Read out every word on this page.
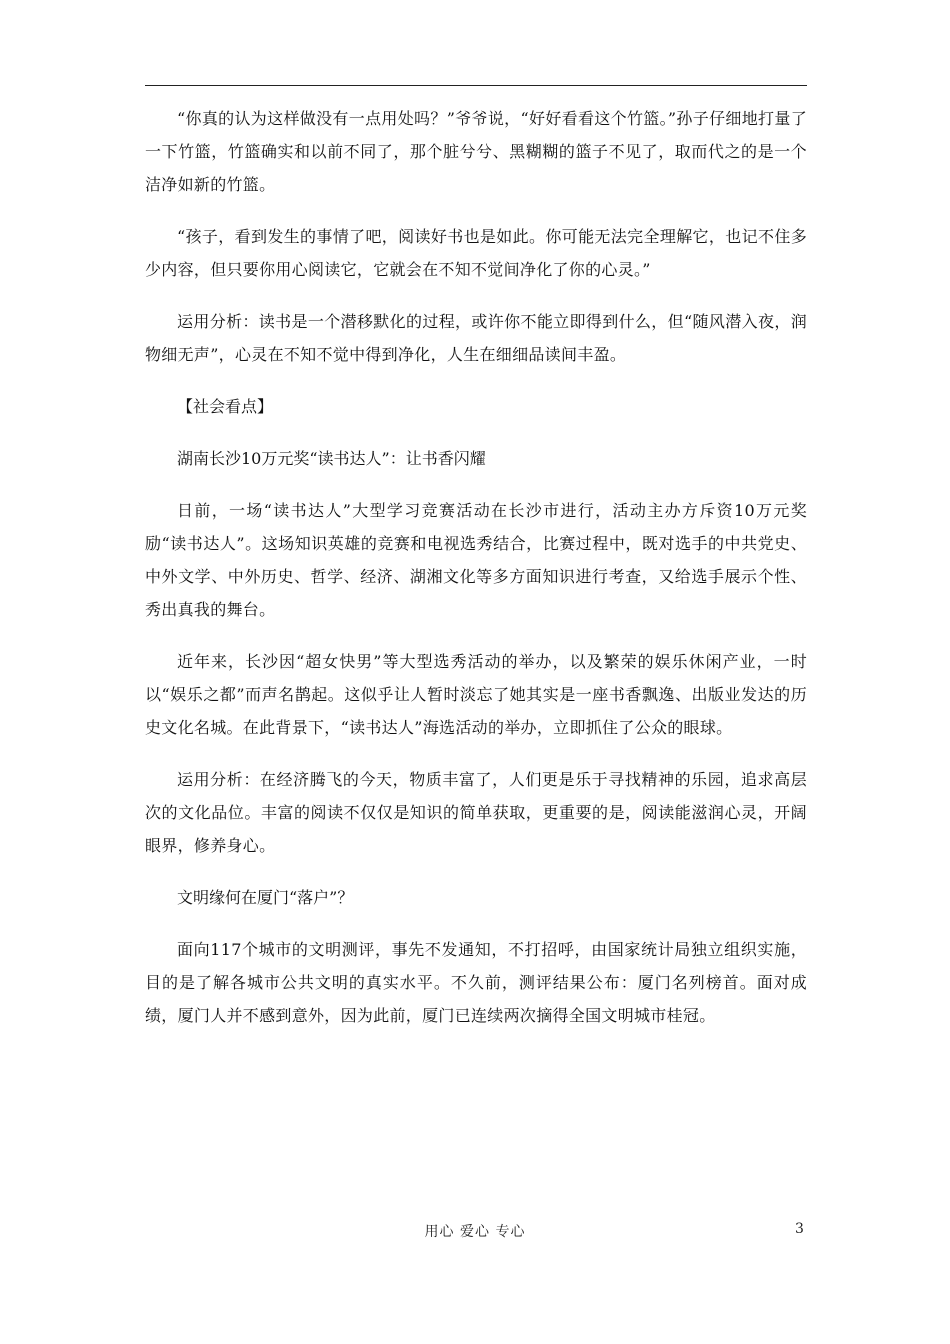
“你真的认为这样做没有一点用处吗？”爷爷说，“好好看看这个竹篮。”孙子仔细地打量了一下竹篮，竹篮确实和以前不同了，那个脏兮兮、黑糊糊的篮子不见了，取而代之的是一个洁净如新的竹篮。

“孩子，看到发生的事情了吧，阅读好书也是如此。你可能无法完全理解它，也记不住多少内容，但只要你用心阅读它，它就会在不知不觉间净化了你的心灵。”

运用分析：读书是一个潜移默化的过程，或许你不能立即得到什么，但“随风潜入夜，润物细无声”，心灵在不知不觉中得到净化，人生在细细品读间丰盈。

【社会看点】

湖南长沙10万元奖“读书达人”：让书香闪耀

日前，一场“读书达人”大型学习竞赛活动在长沙市进行，活动主办方斥资10万元奖励“读书达人”。这场知识英雄的竞赛和电视选秀结合，比赛过程中，既对选手的中共党史、中外文学、中外历史、哲学、经济、湖湘文化等多方面知识进行考查，又给选手展示个性、秀出真我的舞台。

近年来，长沙因“超女快男”等大型选秀活动的举办，以及繁荣的娱乐休闲产业，一时以“娱乐之都”而声名鹊起。这似乎让人暂时淡忘了她其实是一座书香飘逸、出版业发达的历史文化名城。在此背景下，“读书达人”海选活动的举办，立即抓住了公众的眼球。

运用分析：在经济腾飞的今天，物质丰富了，人们更是乐于寻找精神的乐园，追求高层次的文化品位。丰富的阅读不仅仅是知识的简单获取，更重要的是，阅读能滋润心灵，开阔眼界，修养身心。

文明缘何在厦门“落户”？

面向117个城市的文明测评，事先不发通知，不打招呼，由国家统计局独立组织实施，目的是了解各城市公共文明的真实水平。不久前，测评结果公布：厦门名列榜首。面对成绩，厦门人并不感到意外，因为此前，厦门已连续两次摘得全国文明城市桂冠。

用心 爱心 专心	3
